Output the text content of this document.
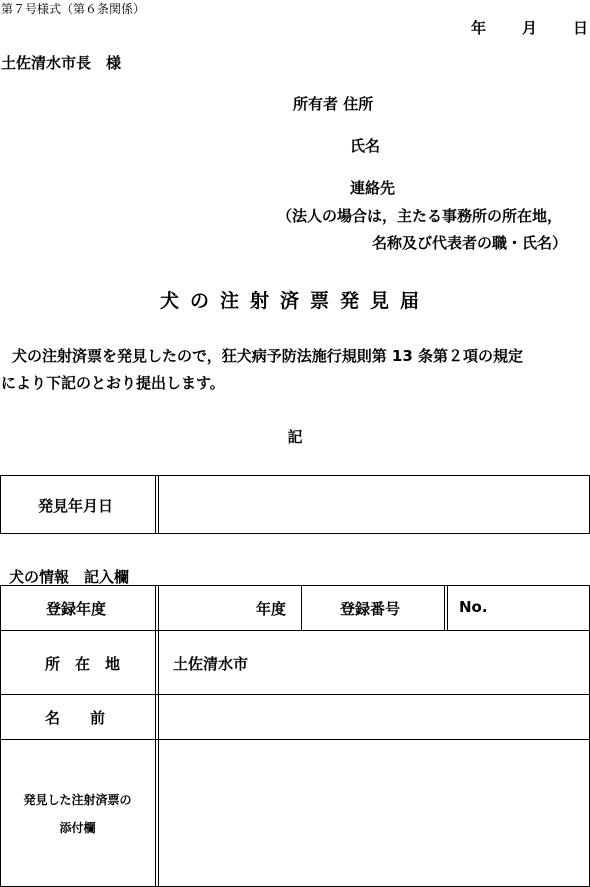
第７号様式（第６条関係）
年 月 日
土佐清水市長　様
所有者 住所
氏名
連絡先
（法人の場合は，主たる事務所の所在地，
名称及び代表者の職・氏名）
犬の注射済票発見届
犬の注射済票を発見したので，狂犬病予防法施行規則第 13 条第２項の規定
により下記のとおり提出します。
記
発見年月日
犬の情報　記入欄
登録年度	年度	登録番号	No.
所　在　地	土佐清水市
名　　前
発見した注射済票の
添付欄
